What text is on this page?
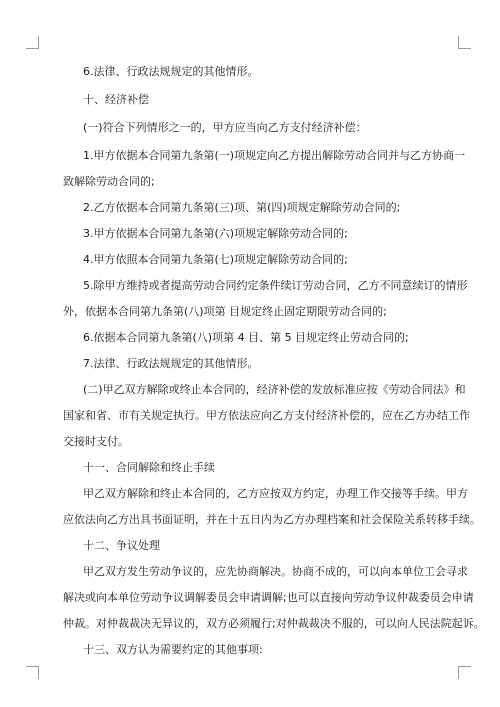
6.法律、行政法规规定的其他情形。
十、经济补偿
(一)符合下列情形之一的，甲方应当向乙方支付经济补偿：
1.甲方依据本合同第九条第(一)项规定向乙方提出解除劳动合同并与乙方协商一
致解除劳动合同的;
2.乙方依据本合同第九条第(三)项、第(四)项规定解除劳动合同的;
3.甲方依据本合同第九条第(六)项规定解除劳动合同的;
4.甲方依照本合同第九条第(七)项规定解除劳动合同的;
5.除甲方维持或者提高劳动合同约定条件续订劳动合同，乙方不同意续订的情形
外，依据本合同第九条第(八)项第 目规定终止固定期限劳动合同的;
6.依据本合同第九条第(八)项第 4 目、第 5 目规定终止劳动合同的;
7.法律、行政法规规定的其他情形。
(二)甲乙双方解除或终止本合同的，经济补偿的发放标准应按《劳动合同法》和
国家和省、市有关规定执行。甲方依法应向乙方支付经济补偿的，应在乙方办结工作
交接时支付。
十一、合同解除和终止手续
甲乙双方解除和终止本合同的，乙方应按双方约定，办理工作交接等手续。甲方
应依法向乙方出具书面证明，并在十五日内为乙方办理档案和社会保险关系转移手续。
十二、争议处理
甲乙双方发生劳动争议的，应先协商解决。协商不成的，可以向本单位工会寻求
解决或向本单位劳动争议调解委员会申请调解;也可以直接向劳动争议仲裁委员会申请
仲裁。对仲裁裁决无异议的，双方必须履行;对仲裁裁决不服的，可以向人民法院起诉。
十三、双方认为需要约定的其他事项:
